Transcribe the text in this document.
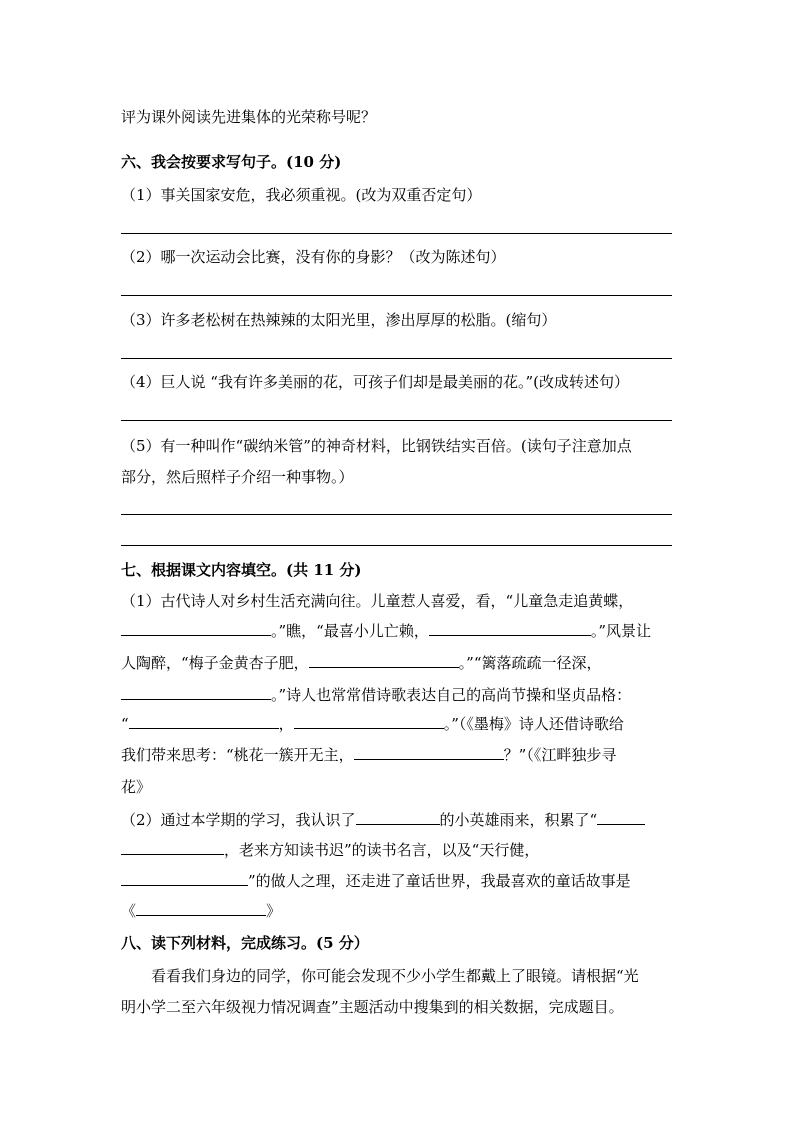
评为课外阅读先进集体的光荣称号呢？
六、我会按要求写句子。(10 分)
（1）事关国家安危，我必须重视。(改为双重否定句）
（2）哪一次运动会比赛，没有你的身影？（改为陈述句）
（3）许多老松树在热辣辣的太阳光里，渗出厚厚的松脂。(缩句）
（4）巨人说 “我有许多美丽的花，可孩子们却是最美丽的花。”(改成转述句）
（5）有一种叫作“碳纳米管”的神奇材料，比钢铁结实百倍。(读句子注意加点
部分，然后照样子介绍一种事物。）
七、根据课文内容填空。(共 11 分)
（1）古代诗人对乡村生活充满向往。儿童惹人喜爱，看，“儿童急走追黄蝶，
。”瞧，“最喜小儿亡赖，	。”风景让
人陶醉，“梅子金黄杏子肥，	。”“篱落疏疏一径深，
。”诗人也常常借诗歌表达自己的高尚节操和坚贞品格：
“	，	。”（《墨梅》诗人还借诗歌给
我们带来思考：“桃花一簇开无主，	？”（《江畔独步寻
花》
（2）通过本学期的学习，我认识了	的小英雄雨来，积累了“
，老来方知读书迟”的读书名言，以及“天行健，
”的做人之理，还走进了童话世界，我最喜欢的童话故事是
《	》
八、读下列材料，完成练习。(5 分）
看看我们身边的同学，你可能会发现不少小学生都戴上了眼镜。请根据“光
明小学二至六年级视力情况调查”主题活动中搜集到的相关数据，完成题目。
